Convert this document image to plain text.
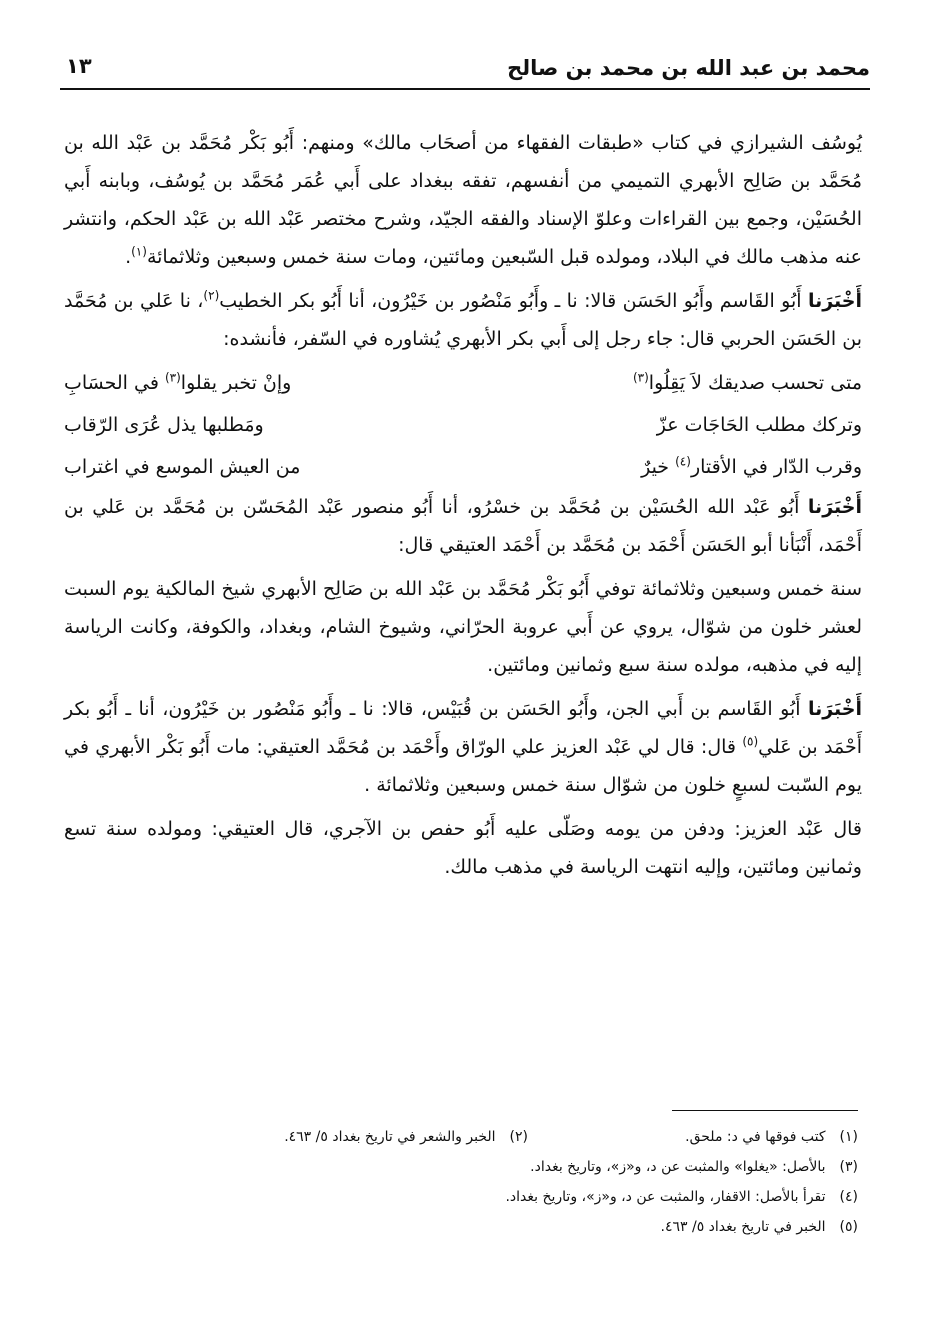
محمد بن عبد الله بن محمد بن صالح
١٣

يُوسُف الشيرازي في كتاب «طبقات الفقهاء من أصحَاب مالك» ومنهم: أَبُو بَكْر مُحَمَّد بن عَبْد الله بن مُحَمَّد بن صَالِح الأبهري التميمي من أنفسهم، تفقه ببغداد على أَبي عُمَر مُحَمَّد بن يُوسُف، وبابنه أَبي الحُسَيْن، وجمع بين القراءات وعلوّ الإسناد والفقه الجيّد، وشرح مختصر عَبْد الله بن عَبْد الحكم، وانتشر عنه مذهب مالك في البلاد، ومولده قبل السّبعين ومائتين، ومات سنة خمس وسبعين وثلاثمائة$^{(١)}$.

أَخْبَرَنا أَبُو القَاسم وأَبُو الحَسَن قالا: نا ـ وأَبُو مَنْصُور بن خَيْرُون، أنا أَبُو بكر الخطيب$^{(٢)}$، نا عَلي بن مُحَمَّد بن الحَسَن الحربي قال: جاء رجل إلى أَبي بكر الأبهري يُشاوره في السّفر، فأنشده:

متى تحسب صديقك لاَ يَقِلُوا$^{(٣)}$
وإنْ تخبر يقلوا$^{(٣)}$ في الحسَابِ
وتركك مطلب الحَاجَات عزّ
ومَطلبها يذل عُرَى الرّقاب
وقرب الدّار في الأقتار$^{(٤)}$ خيرٌ
من العيش الموسع في اغتراب

أَخْبَرَنا أَبُو عَبْد الله الحُسَيْن بن مُحَمَّد بن خسْرُو، أنا أَبُو منصور عَبْد المُحَسّن بن مُحَمَّد بن عَلي بن أَحْمَد، أَنْبَأنا أبو الحَسَن أَحْمَد بن مُحَمَّد بن أَحْمَد العتيقي قال:

سنة خمس وسبعين وثلاثمائة توفي أَبُو بَكْر مُحَمَّد بن عَبْد الله بن صَالِح الأبهري شيخ المالكية يوم السبت لعشر خلون من شوّال، يروي عن أَبي عروبة الحرّاني، وشيوخ الشام، وبغداد، والكوفة، وكانت الرياسة إليه في مذهبه، مولده سنة سبع وثمانين ومائتين.

أَخْبَرَنا أَبُو القَاسم بن أَبي الجن، وأَبُو الحَسَن بن قُبَيْس، قالا: نا ـ وأَبُو مَنْصُور بن خَيْرُون، أنا ـ أَبُو بكر أَحْمَد بن عَلي$^{(٥)}$ قال: قال لي عَبْد العزيز علي الورّاق وأَحْمَد بن مُحَمَّد العتيقي: مات أَبُو بَكْر الأبهري في يوم السّبت لسبعٍ خلون من شوّال سنة خمس وسبعين وثلاثمائة .

قال عَبْد العزيز: ودفن من يومه وصَلّى عليه أَبُو حفص بن الآجري، قال العتيقي: ومولده سنة تسع وثمانين ومائتين، وإليه انتهت الرياسة في مذهب مالك.

(١)كتب فوقها في د: ملحق.
(٢)الخبر والشعر في تاريخ بغداد ٥/ ٤٦٣.
(٣)بالأصل: «يغلوا» والمثبت عن د، و«ز»، وتاريخ بغداد.
(٤)تقرأ بالأصل: الاقفار، والمثبت عن د، و«ز»، وتاريخ بغداد.
(٥)الخبر في تاريخ بغداد ٥/ ٤٦٣.
